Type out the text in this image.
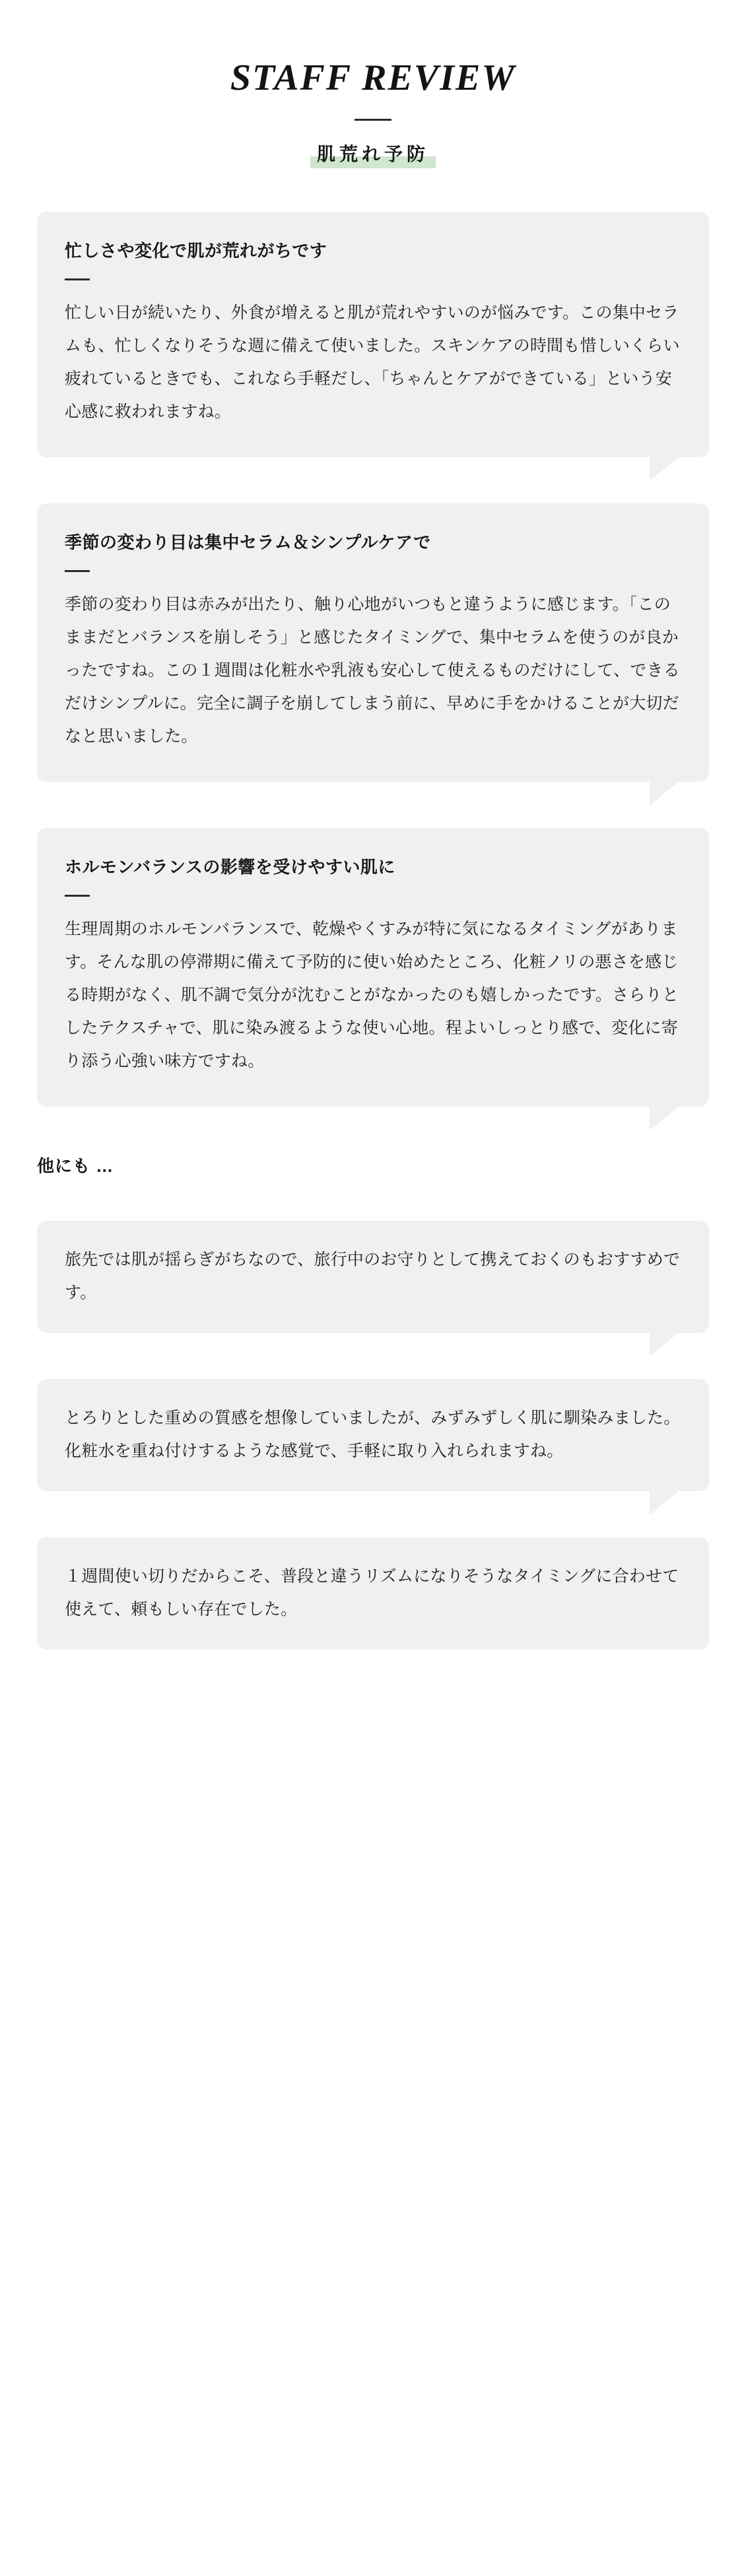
STAFF REVIEW
肌荒れ予防
忙しさや変化で肌が荒れがちです

忙しい日が続いたり、外食が増えると肌が荒れやすいのが悩みです。この集中セラムも、忙しくなりそうな週に備えて使いました。スキンケアの時間も惜しいくらい疲れているときでも、これなら手軽だし、「ちゃんとケアができている」という安心感に救われますね。

季節の変わり目は集中セラム＆シンプルケアで

季節の変わり目は赤みが出たり、触り心地がいつもと違うように感じます。「このままだとバランスを崩しそう」と感じたタイミングで、集中セラムを使うのが良かったですね。この１週間は化粧水や乳液も安心して使えるものだけにして、できるだけシンプルに。完全に調子を崩してしまう前に、早めに手をかけることが大切だなと思いました。

ホルモンバランスの影響を受けやすい肌に

生理周期のホルモンバランスで、乾燥やくすみが特に気になるタイミングがあります。そんな肌の停滞期に備えて予防的に使い始めたところ、化粧ノリの悪さを感じる時期がなく、肌不調で気分が沈むことがなかったのも嬉しかったです。さらりとしたテクスチャで、肌に染み渡るような使い心地。程よいしっとり感で、変化に寄り添う心強い味方ですね。

他にも …

旅先では肌が揺らぎがちなので、旅行中のお守りとして携えておくのもおすすめです。

とろりとした重めの質感を想像していましたが、みずみずしく肌に馴染みました。化粧水を重ね付けするような感覚で、手軽に取り入れられますね。

１週間使い切りだからこそ、普段と違うリズムになりそうなタイミングに合わせて使えて、頼もしい存在でした。
